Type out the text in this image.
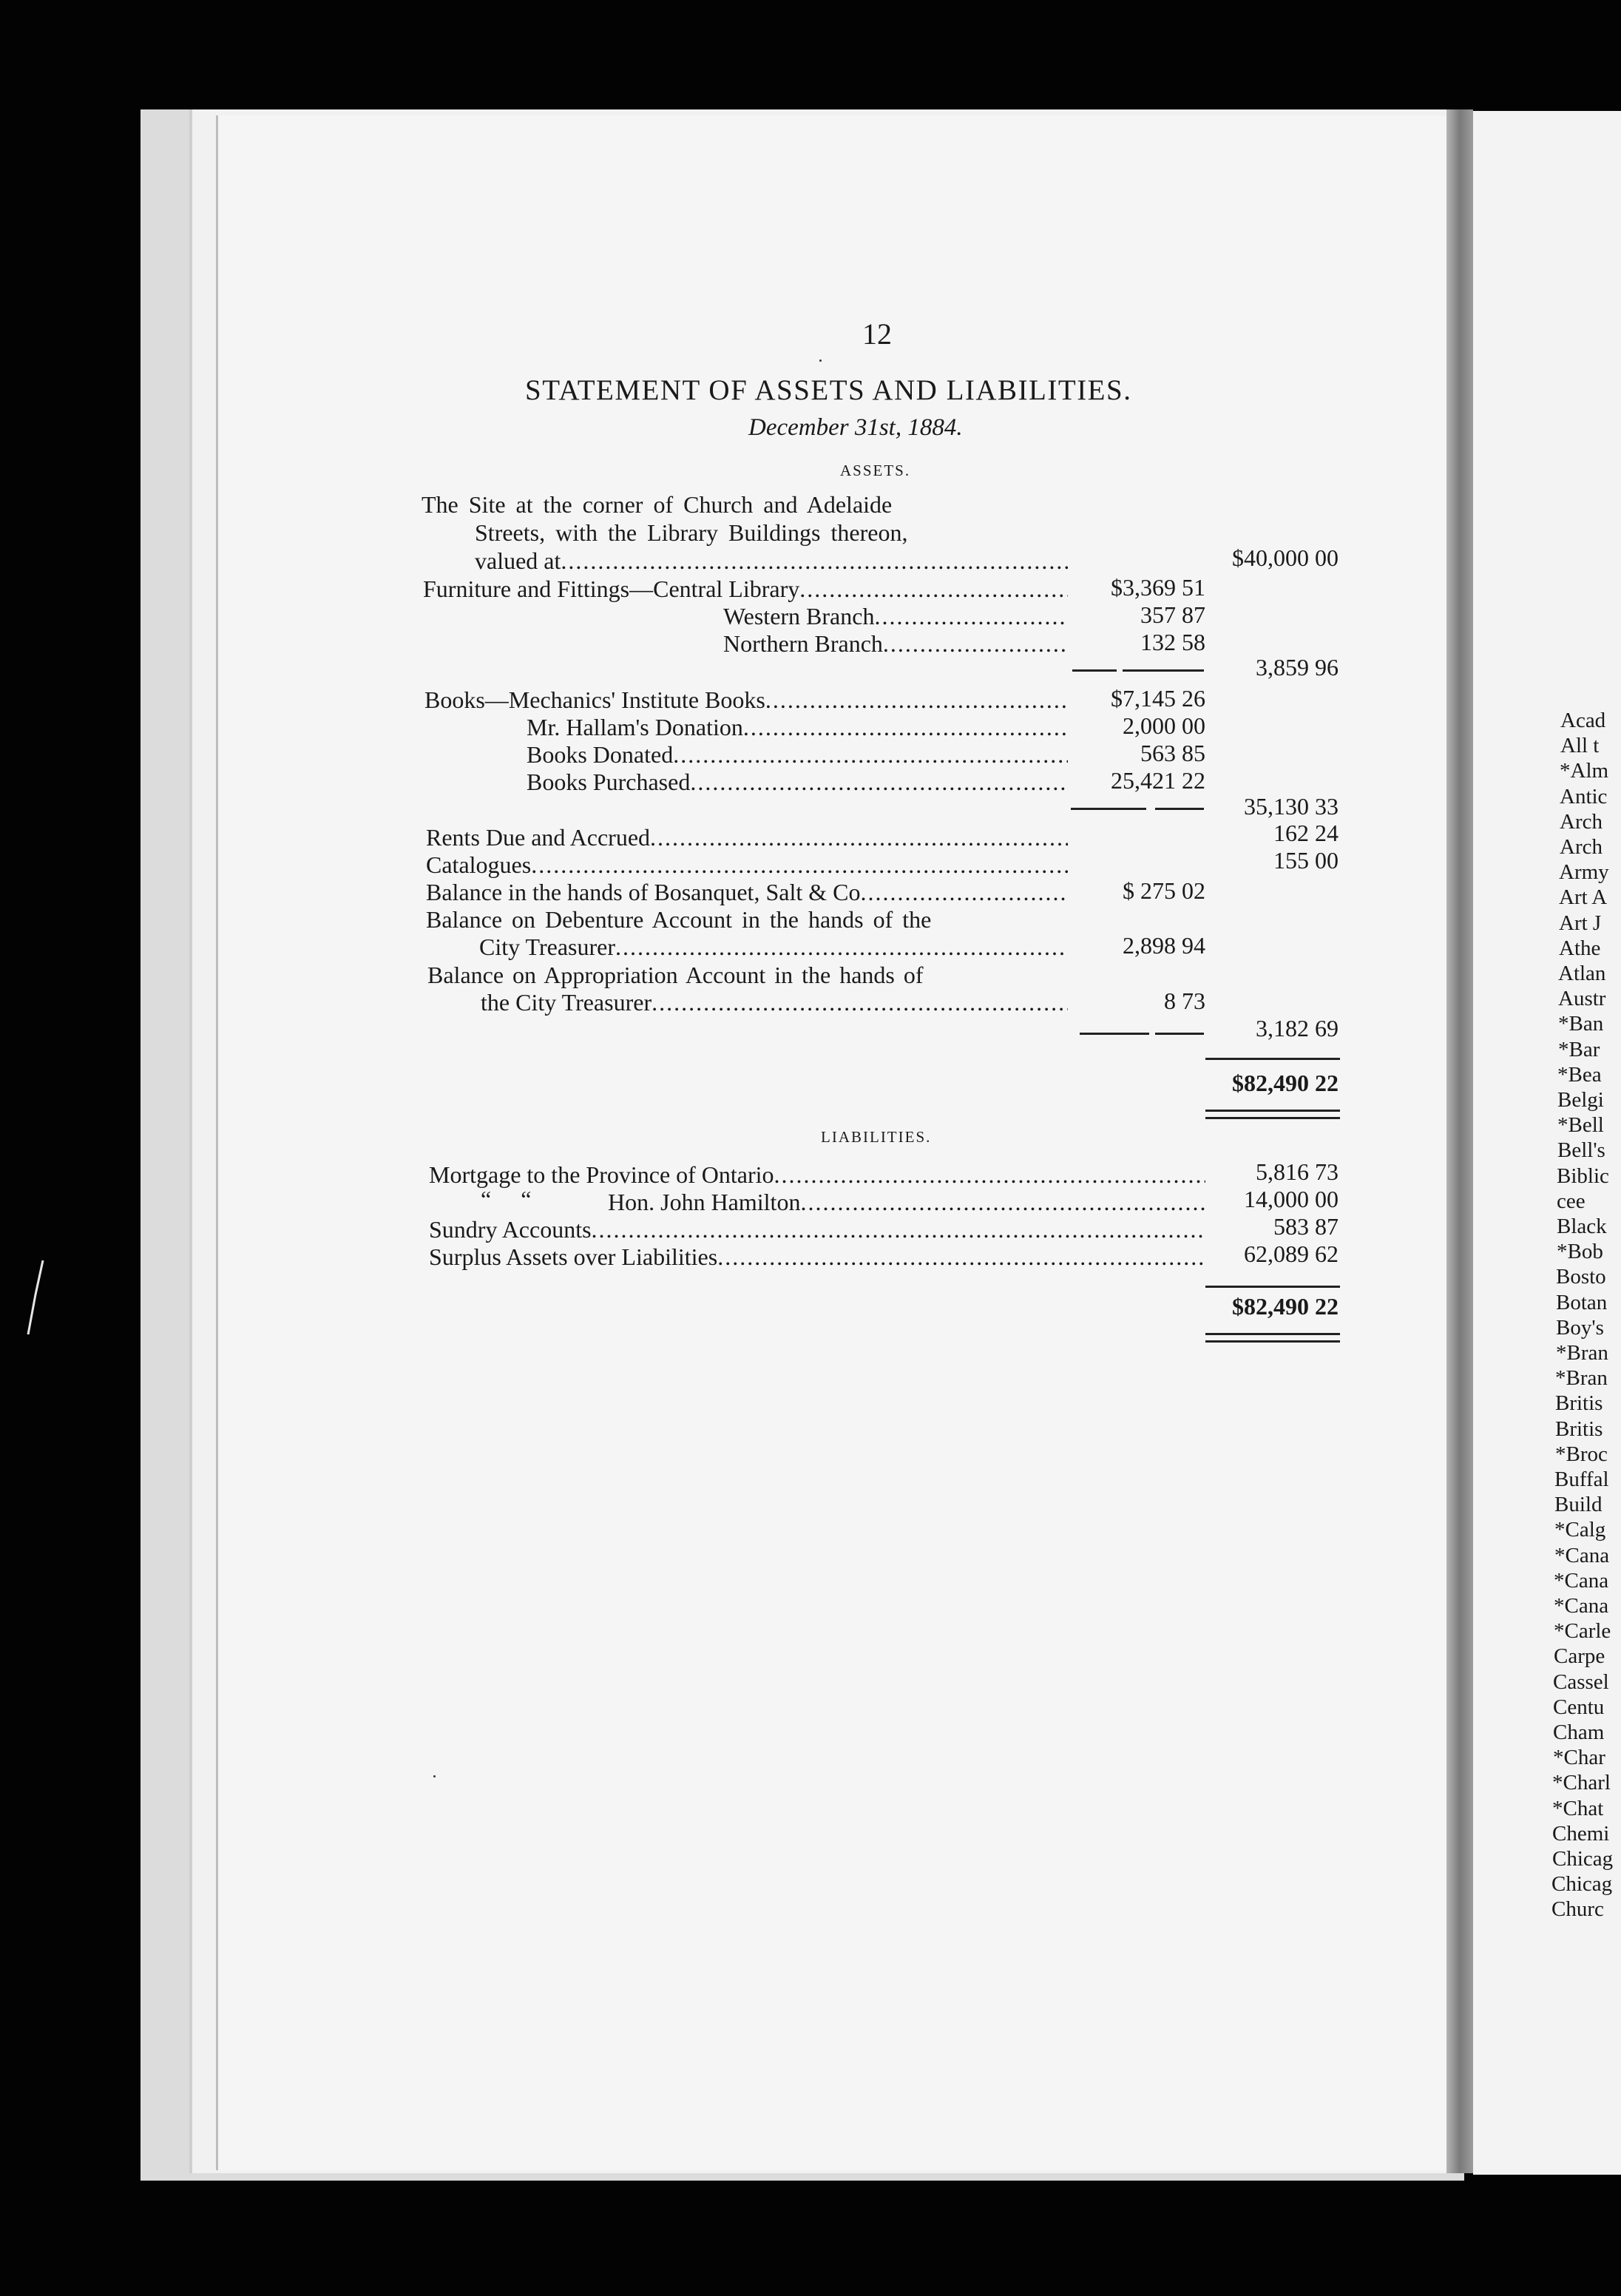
Acad
All t
*Alm
Antic
Arch
Arch
Army
Art A
Art J
Athe
Atlan
Austr
*Ban
*Bar
*Bea
Belgi
*Bell
Bell's
Biblic
cee
Black
*Bob
Bosto
Botan
Boy's
*Bran
*Bran
Britis
Britis
*Broc
Buffal
Build
*Calg
*Cana
*Cana
*Cana
*Carle
Carpe
Cassel
Centu
Cham
*Char
*Charl
*Chat
Chemi
Chicag
Chicag
Churc
12
STATEMENT OF ASSETS AND LIABILITIES.
December 31st, 1884.
ASSETS.
The Site at the corner of Church and Adelaide
Streets, with the Library Buildings thereon,
valued at .....	$40,000 00
Furniture and Fittings—Central Library .....	$3,369 51
Western Branch .....	357 87
Northern Branch .....	132 58
3,859 96
Books—Mechanics' Institute Books .....	$7,145 26
Mr. Hallam's Donation .....	2,000 00
Books Donated .....	563 85
Books Purchased .....	25,421 22
35,130 33
Rents Due and Accrued .....	162 24
Catalogues .....	155 00
Balance in the hands of Bosanquet, Salt & Co .....	$ 275 02
Balance on Debenture Account in the hands of the
City Treasurer .....	2,898 94
Balance on Appropriation Account in the hands of
the City Treasurer .....	8 73
3,182 69
$82,490 22
LIABILITIES.
Mortgage to the Province of Ontario .....	5,816 73
“     “	Hon. John Hamilton .....	14,000 00
Sundry Accounts .....	583 87
Surplus Assets over Liabilities .....	62,089 62
$82,490 22
